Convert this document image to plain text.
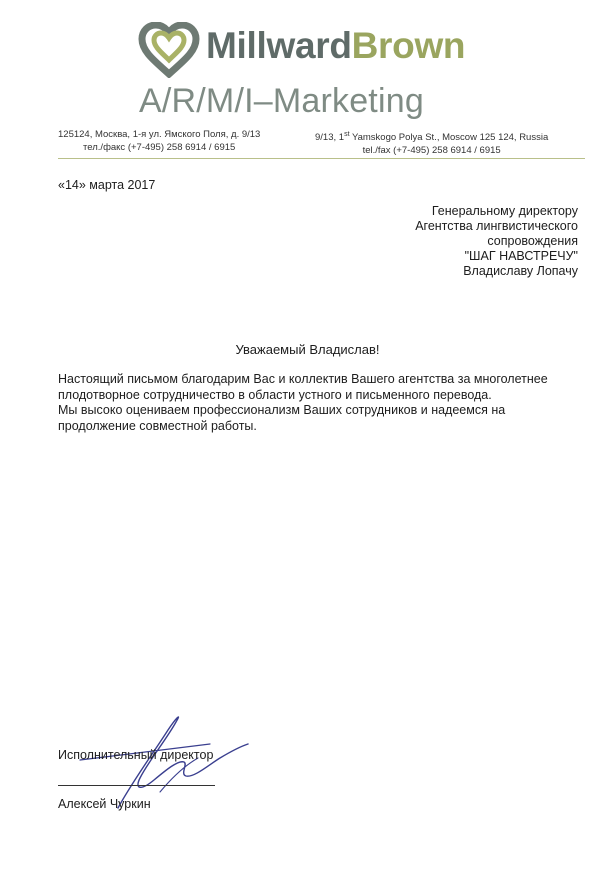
MillwardBrown
A/R/M/I–Marketing
125124, Москва, 1-я ул. Ямского Поля, д. 9/13
тел./факс (+7-495) 258 6914 / 6915
9/13, 1st Yamskogo Polya St., Moscow 125 124, Russia
tel./fax (+7-495) 258 6914 / 6915
«14» марта 2017
Генеральному директору
Агентства лингвистического
сопровождения
"ШАГ НАВСТРЕЧУ"
Владиславу Лопачу
Уважаемый Владислав!

Настоящий письмом благодарим Вас и коллектив Вашего агентства за многолетнее плодотворное сотрудничество в области устного и письменного перевода.

Мы высоко оцениваем профессионализм Ваших сотрудников и надеемся на продолжение совместной работы.

Исполнительный директор
Алексей Чуркин
